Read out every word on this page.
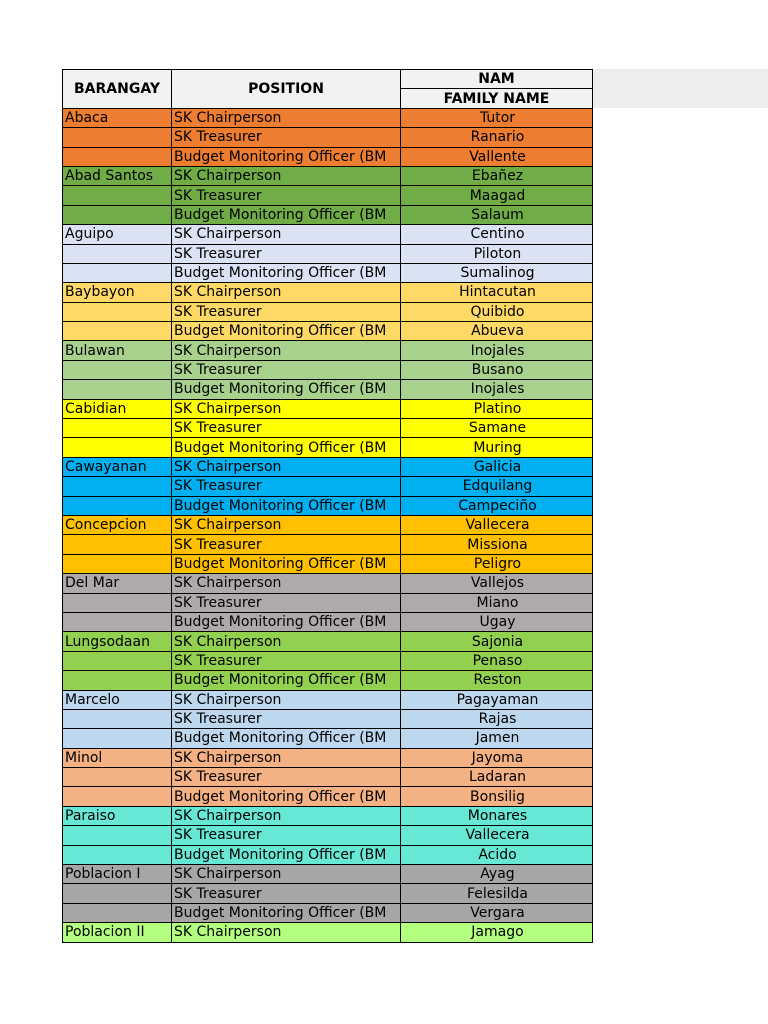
BARANGAY	POSITION	NAM
		FAMILY NAME
Abaca	SK Chairperson	Tutor
	SK Treasurer	Ranario
	Budget Monitoring Officer (BM	Vallente
Abad Santos	SK Chairperson	Ebañez
	SK Treasurer	Maagad
	Budget Monitoring Officer (BM	Salaum
Aguipo	SK Chairperson	Centino
	SK Treasurer	Piloton
	Budget Monitoring Officer (BM	Sumalinog
Baybayon	SK Chairperson	Hintacutan
	SK Treasurer	Quibido
	Budget Monitoring Officer (BM	Abueva
Bulawan	SK Chairperson	Inojales
	SK Treasurer	Busano
	Budget Monitoring Officer (BM	Inojales
Cabidian	SK Chairperson	Platino
	SK Treasurer	Samane
	Budget Monitoring Officer (BM	Muring
Cawayanan	SK Chairperson	Galicia
	SK Treasurer	Edquilang
	Budget Monitoring Officer (BM	Campeciño
Concepcion	SK Chairperson	Vallecera
	SK Treasurer	Missiona
	Budget Monitoring Officer (BM	Peligro
Del Mar	SK Chairperson	Vallejos
	SK Treasurer	Miano
	Budget Monitoring Officer (BM	Ugay
Lungsodaan	SK Chairperson	Sajonia
	SK Treasurer	Penaso
	Budget Monitoring Officer (BM	Reston
Marcelo	SK Chairperson	Pagayaman
	SK Treasurer	Rajas
	Budget Monitoring Officer (BM	Jamen
Minol	SK Chairperson	Jayoma
	SK Treasurer	Ladaran
	Budget Monitoring Officer (BM	Bonsilig
Paraiso	SK Chairperson	Monares
	SK Treasurer	Vallecera
	Budget Monitoring Officer (BM	Acido
Poblacion I	SK Chairperson	Ayag
	SK Treasurer	Felesilda
	Budget Monitoring Officer (BM	Vergara
Poblacion II	SK Chairperson	Jamago
